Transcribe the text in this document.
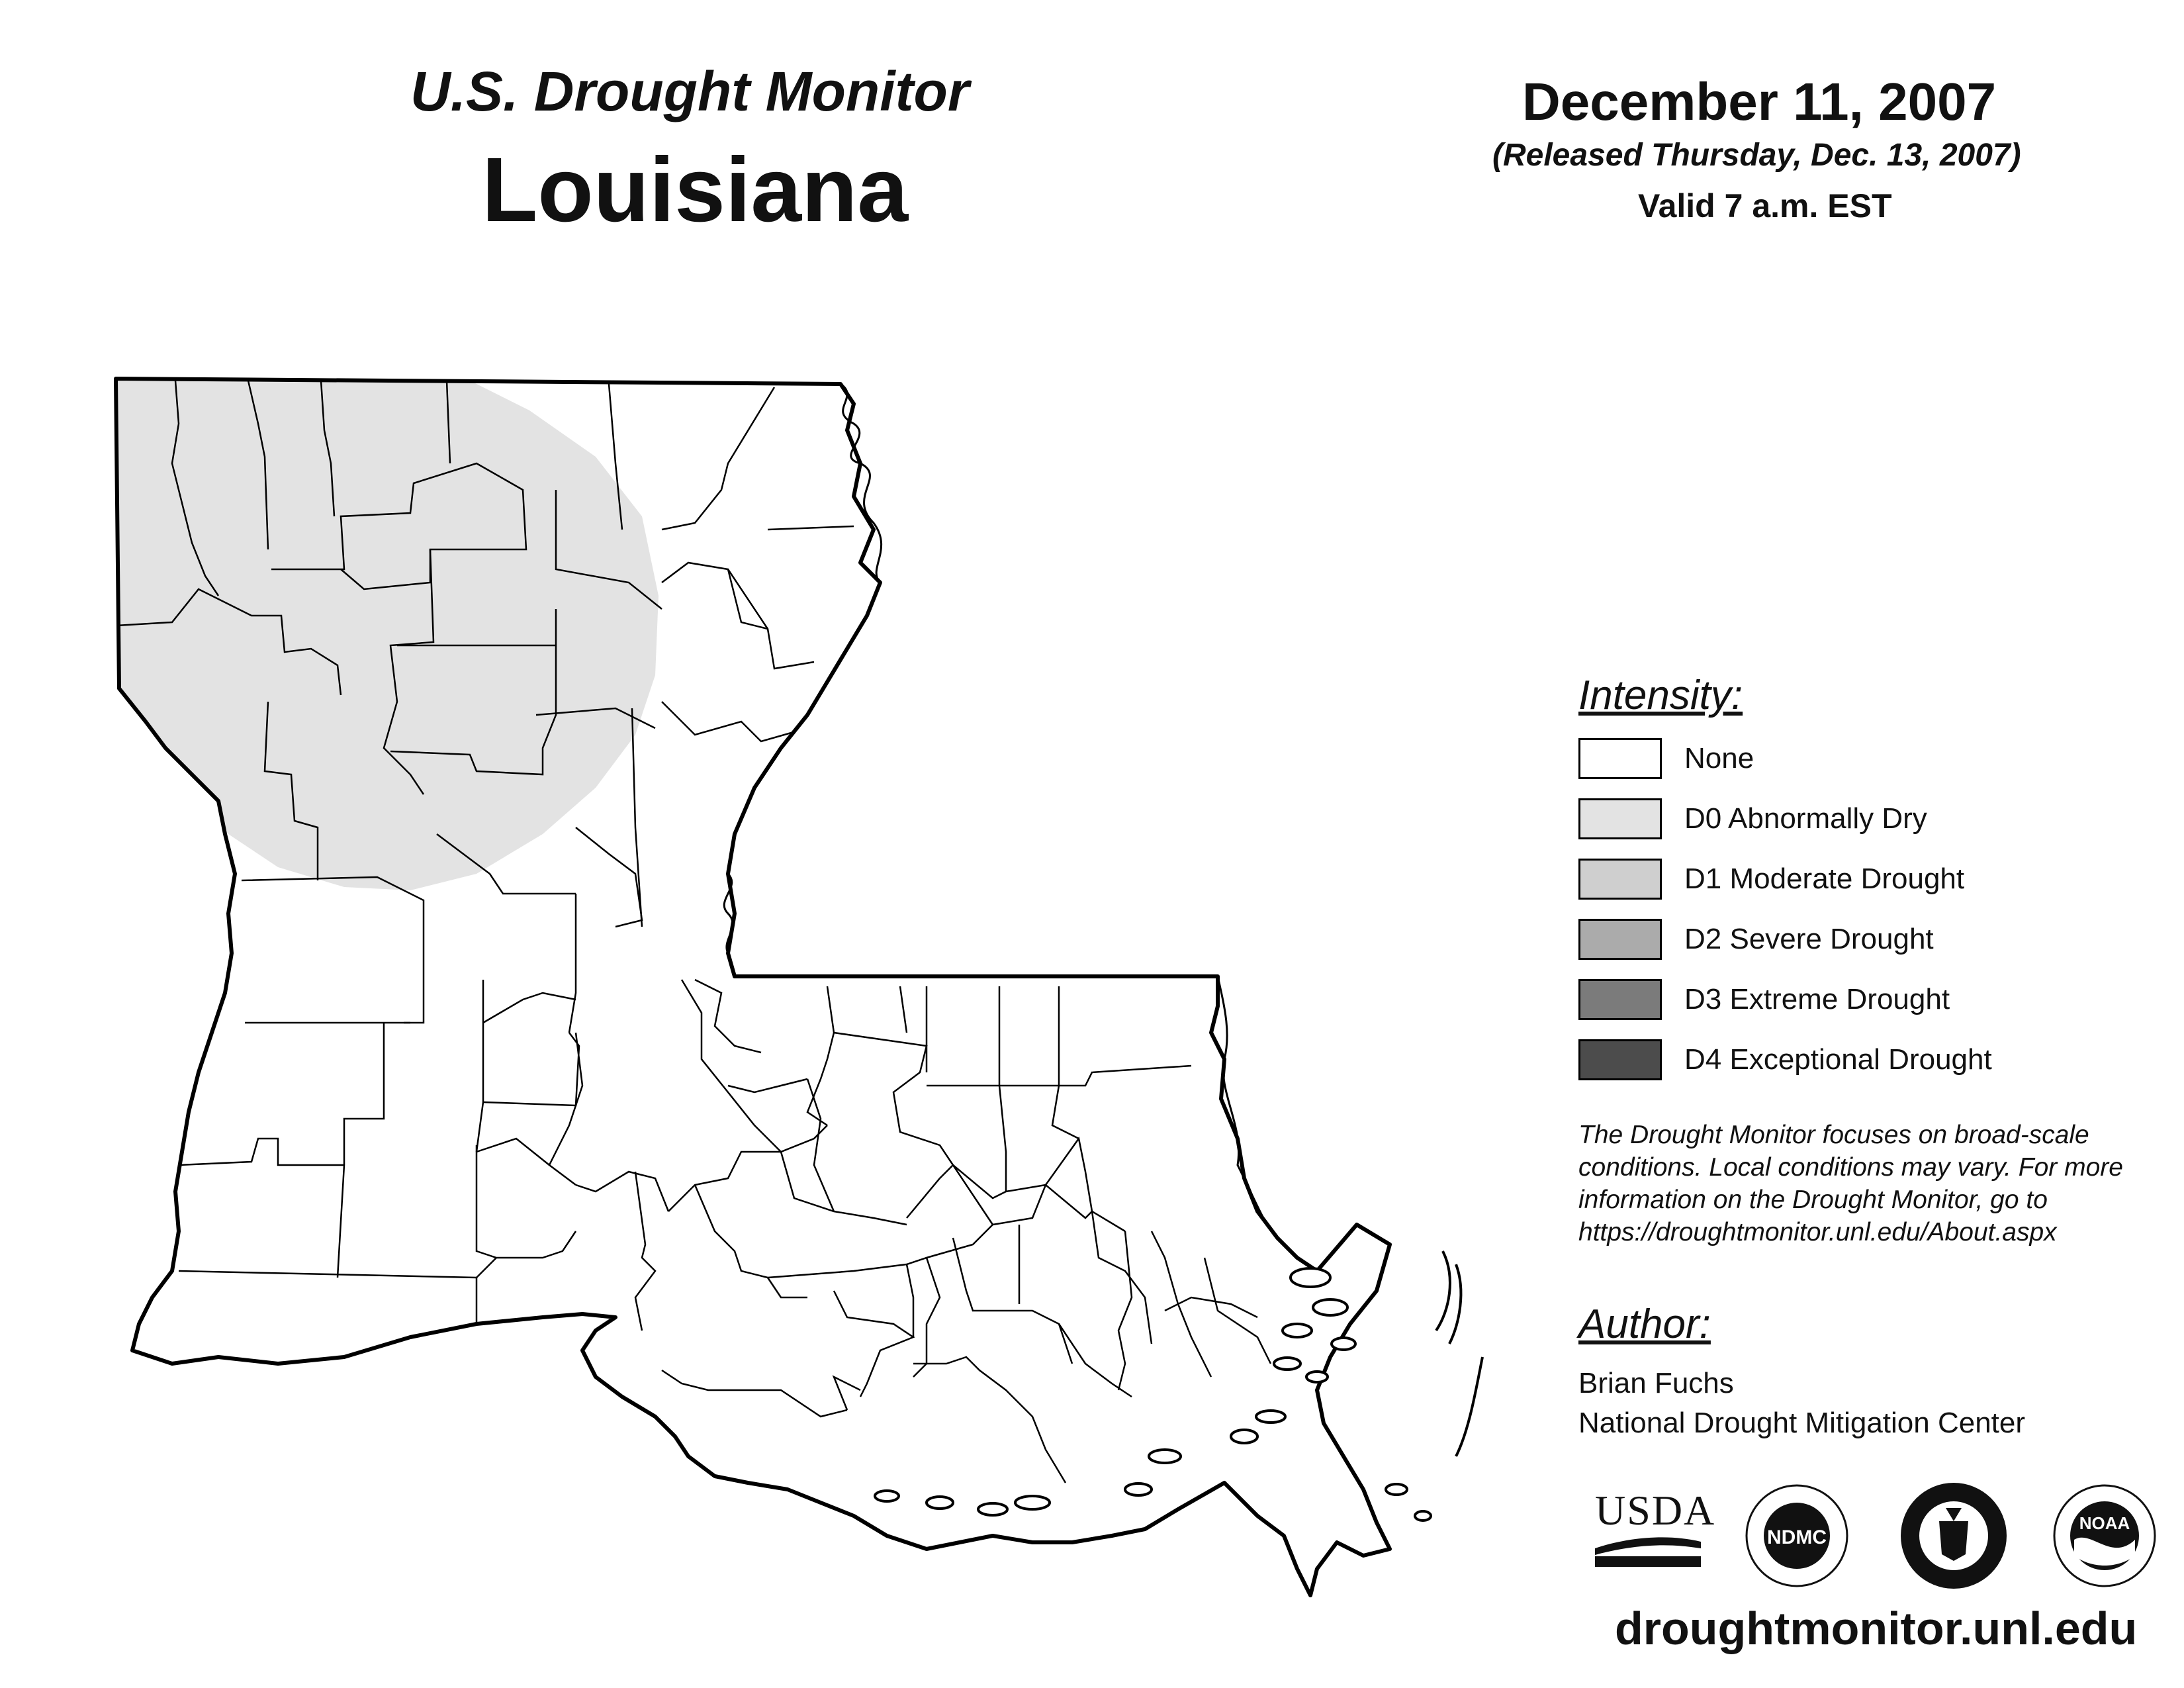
U.S. Drought Monitor
Louisiana
December 11, 2007
(Released Thursday, Dec. 13, 2007)
Valid 7 a.m. EST
Intensity:
None
D0 Abnormally Dry
D1 Moderate Drought
D2 Severe Drought
D3 Extreme Drought
D4 Exceptional Drought
The Drought Monitor focuses on broad-scale conditions. Local conditions may vary. For more information on the Drought Monitor, go to https://droughtmonitor.unl.edu/About.aspx
Author:
Brian Fuchs
National Drought Mitigation Center
USDA
NDMC
NOAA
droughtmonitor.unl.edu
